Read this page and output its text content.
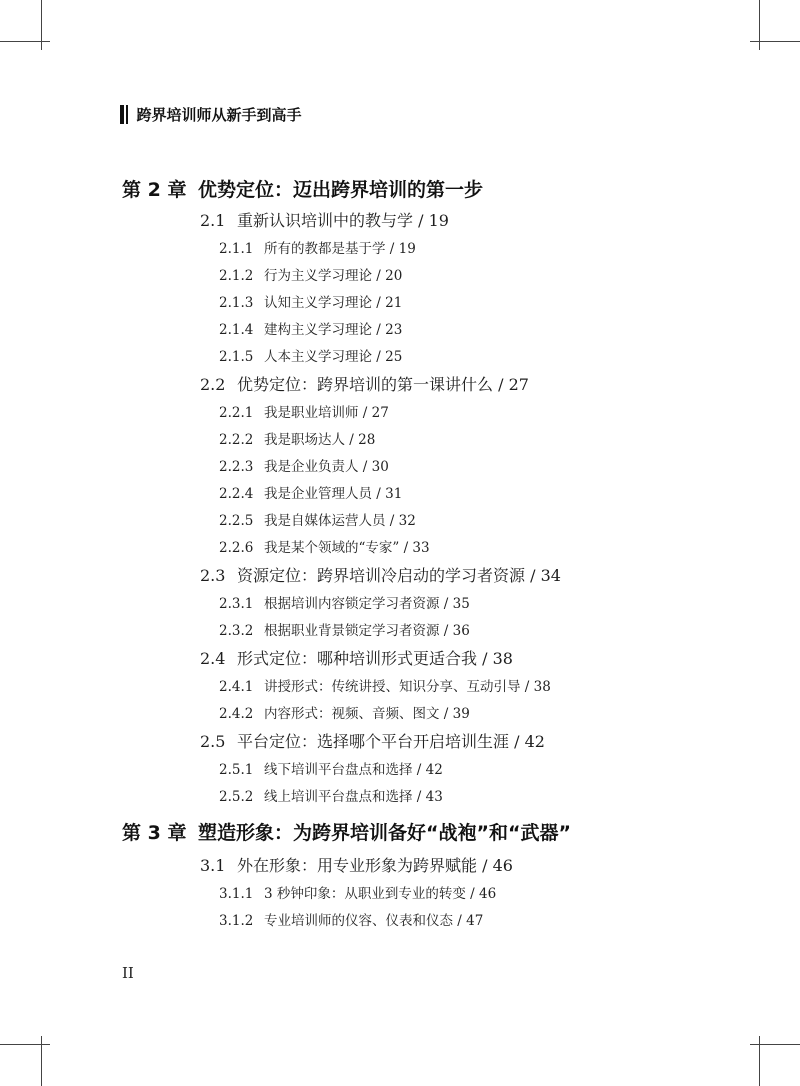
跨界培训师从新手到高手
第 2 章 优势定位：迈出跨界培训的第一步
2.1 重新认识培训中的教与学 / 19
2.1.1 所有的教都是基于学 / 19
2.1.2 行为主义学习理论 / 20
2.1.3 认知主义学习理论 / 21
2.1.4 建构主义学习理论 / 23
2.1.5 人本主义学习理论 / 25
2.2 优势定位：跨界培训的第一课讲什么 / 27
2.2.1 我是职业培训师 / 27
2.2.2 我是职场达人 / 28
2.2.3 我是企业负责人 / 30
2.2.4 我是企业管理人员 / 31
2.2.5 我是自媒体运营人员 / 32
2.2.6 我是某个领域的“专家” / 33
2.3 资源定位：跨界培训冷启动的学习者资源 / 34
2.3.1 根据培训内容锁定学习者资源 / 35
2.3.2 根据职业背景锁定学习者资源 / 36
2.4 形式定位：哪种培训形式更适合我 / 38
2.4.1 讲授形式：传统讲授、知识分享、互动引导 / 38
2.4.2 内容形式：视频、音频、图文 / 39
2.5 平台定位：选择哪个平台开启培训生涯 / 42
2.5.1 线下培训平台盘点和选择 / 42
2.5.2 线上培训平台盘点和选择 / 43
第 3 章 塑造形象：为跨界培训备好“战袍”和“武器”
3.1 外在形象：用专业形象为跨界赋能 / 46
3.1.1 3 秒钟印象：从职业到专业的转变 / 46
3.1.2 专业培训师的仪容、仪表和仪态 / 47
II
